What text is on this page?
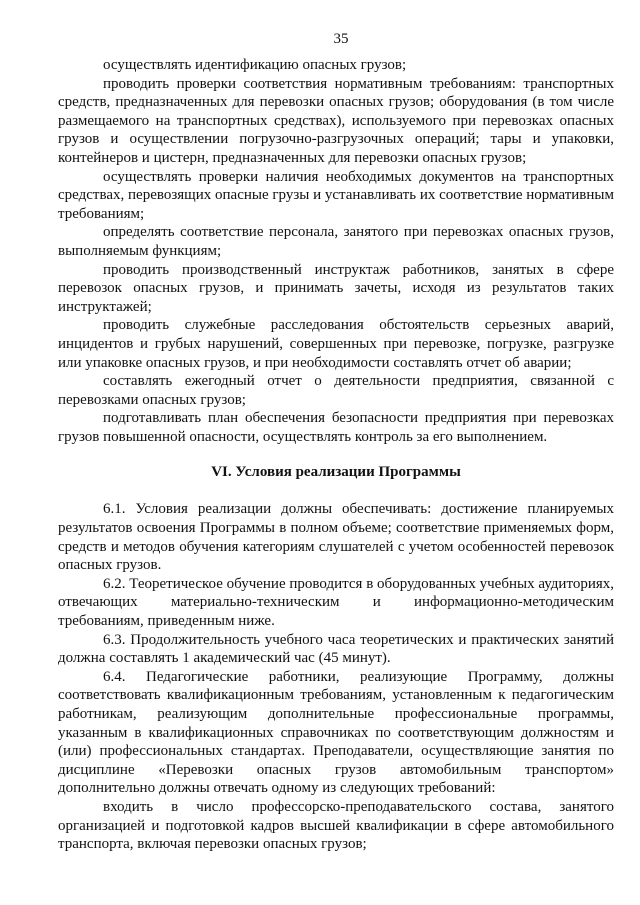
35

осуществлять идентификацию опасных грузов;

проводить проверки соответствия нормативным требованиям: транспортных средств, предназначенных для перевозки опасных грузов; оборудования (в том числе размещаемого на транспортных средствах), используемого при перевозках опасных грузов и осуществлении погрузочно-разгрузочных операций; тары и упаковки, контейнеров и цистерн, предназначенных для перевозки опасных грузов;

осуществлять проверки наличия необходимых документов на транспортных средствах, перевозящих опасные грузы и устанавливать их соответствие нормативным требованиям;

определять соответствие персонала, занятого при перевозках опасных грузов, выполняемым функциям;

проводить производственный инструктаж работников, занятых в сфере перевозок опасных грузов, и принимать зачеты, исходя из результатов таких инструктажей;

проводить служебные расследования обстоятельств серьезных аварий, инцидентов и грубых нарушений, совершенных при перевозке, погрузке, разгрузке или упаковке опасных грузов, и при необходимости составлять отчет об аварии;

составлять ежегодный отчет о деятельности предприятия, связанной с перевозками опасных грузов;

подготавливать план обеспечения безопасности предприятия при перевозках грузов повышенной опасности, осуществлять контроль за его выполнением.

VI. Условия реализации Программы

6.1. Условия реализации должны обеспечивать: достижение планируемых результатов освоения Программы в полном объеме; соответствие применяемых форм, средств и методов обучения категориям слушателей с учетом особенностей перевозок опасных грузов.

6.2. Теоретическое обучение проводится в оборудованных учебных аудиториях, отвечающих материально-техническим и информационно-методическим требованиям, приведенным ниже.

6.3. Продолжительность учебного часа теоретических и практических занятий должна составлять 1 академический час (45 минут).

6.4. Педагогические работники, реализующие Программу, должны соответствовать квалификационным требованиям, установленным к педагогическим работникам, реализующим дополнительные профессиональные программы, указанным в квалификационных справочниках по соответствующим должностям и (или) профессиональных стандартах. Преподаватели, осуществляющие занятия по дисциплине «Перевозки опасных грузов автомобильным транспортом» дополнительно должны отвечать одному из следующих требований:

входить в число профессорско-преподавательского состава, занятого организацией и подготовкой кадров высшей квалификации в сфере автомобильного транспорта, включая перевозки опасных грузов;
